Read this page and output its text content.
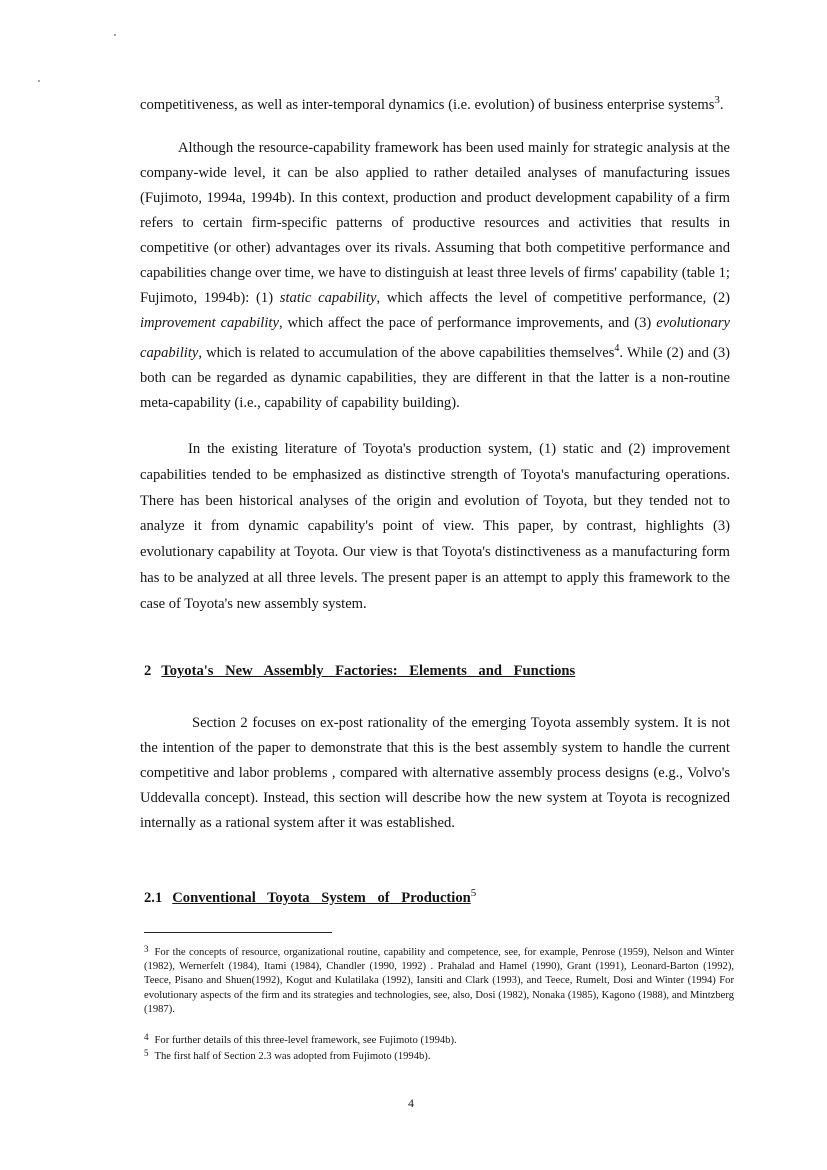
competitiveness, as well as inter-temporal dynamics (i.e. evolution) of business enterprise systems$^3$.

Although the resource-capability framework has been used mainly for strategic analysis at the company-wide level, it can be also applied to rather detailed analyses of manufacturing issues (Fujimoto, 1994a, 1994b). In this context, production and product development capability of a firm refers to certain firm-specific patterns of productive resources and activities that results in competitive (or other) advantages over its rivals. Assuming that both competitive performance and capabilities change over time, we have to distinguish at least three levels of firms' capability (table 1; Fujimoto, 1994b): (1) static capability, which affects the level of competitive performance, (2) improvement capability, which affect the pace of performance improvements, and (3) evolutionary capability, which is related to accumulation of the above capabilities themselves$^4$. While (2) and (3) both can be regarded as dynamic capabilities, they are different in that the latter is a non-routine meta-capability (i.e., capability of capability building).

In the existing literature of Toyota's production system, (1) static and (2) improvement capabilities tended to be emphasized as distinctive strength of Toyota's manufacturing operations. There has been historical analyses of the origin and evolution of Toyota, but they tended not to analyze it from dynamic capability's point of view. This paper, by contrast, highlights (3) evolutionary capability at Toyota. Our view is that Toyota's distinctiveness as a manufacturing form has to be analyzed at all three levels. The present paper is an attempt to apply this framework to the case of Toyota's new assembly system.

2 Toyota's New Assembly Factories: Elements and Functions

Section 2 focuses on ex-post rationality of the emerging Toyota assembly system. It is not the intention of the paper to demonstrate that this is the best assembly system to handle the current competitive and labor problems , compared with alternative assembly process designs (e.g., Volvo's Uddevalla concept). Instead, this section will describe how the new system at Toyota is recognized internally as a rational system after it was established.

2.1 Conventional Toyota System of Production$^5$

$^3$ For the concepts of resource, organizational routine, capability and competence, see, for example, Penrose (1959), Nelson and Winter (1982), Wernerfelt (1984), Itami (1984), Chandler (1990, 1992) . Prahalad and Hamel (1990), Grant (1991), Leonard-Barton (1992), Teece, Pisano and Shuen(1992), Kogut and Kulatilaka (1992), Iansiti and Clark (1993), and Teece, Rumelt, Dosi and Winter (1994) For evolutionary aspects of the firm and its strategies and technologies, see, also, Dosi (1982), Nonaka (1985), Kagono (1988), and Mintzberg (1987).

$^4$ For further details of this three-level framework, see Fujimoto (1994b).

$^5$ The first half of Section 2.3 was adopted from Fujimoto (1994b).

4
